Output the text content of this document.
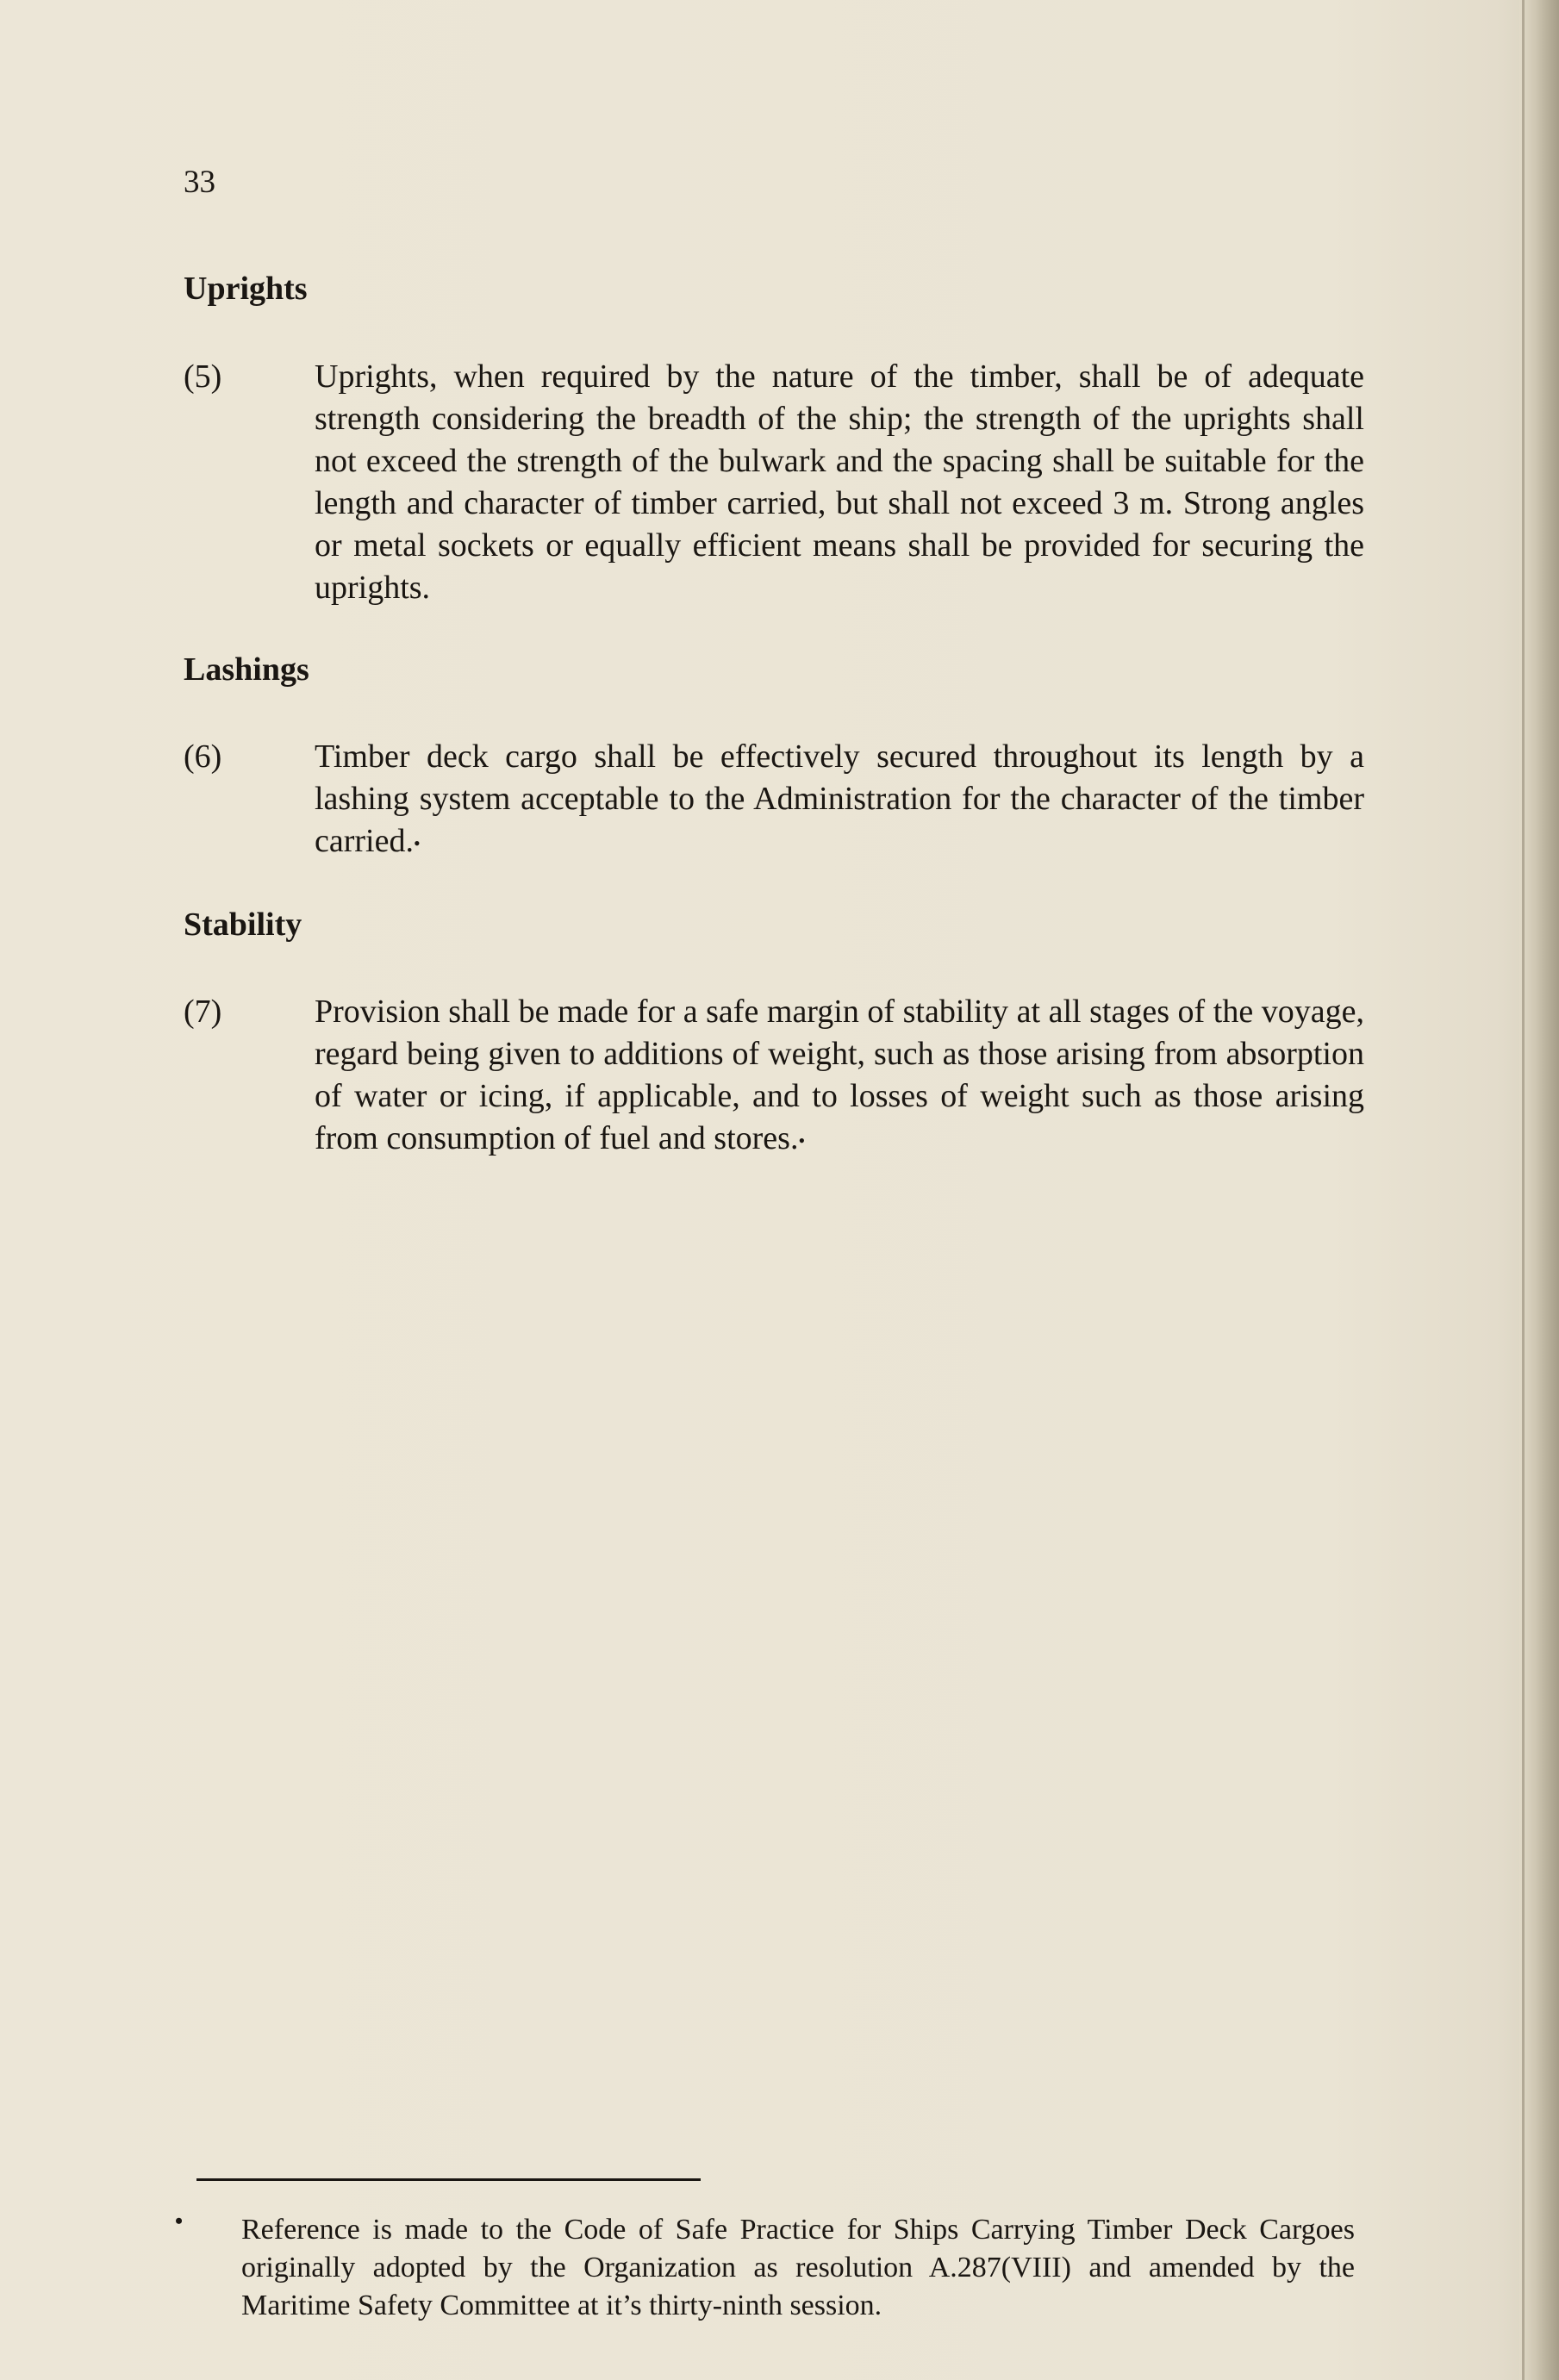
33
Uprights
(5)	Uprights, when required by the nature of the timber, shall be of adequate strength considering the breadth of the ship; the strength of the uprights shall not exceed the strength of the bulwark and the spacing shall be suitable for the length and character of timber carried, but shall not exceed 3 m. Strong angles or metal sockets or equally efficient means shall be provided for securing the uprights.
Lashings
(6)	Timber deck cargo shall be effectively secured throughout its length by a lashing system acceptable to the Administration for the character of the timber carried.•
Stability
(7)	Provision shall be made for a safe margin of stability at all stages of the voyage, regard being given to additions of weight, such as those arising from absorption of water or icing, if applicable, and to losses of weight such as those arising from consumption of fuel and stores.•
• Reference is made to the Code of Safe Practice for Ships Carrying Timber Deck Cargoes originally adopted by the Organization as resolution A.287(VIII) and amended by the Maritime Safety Committee at it’s thirty-ninth session.
